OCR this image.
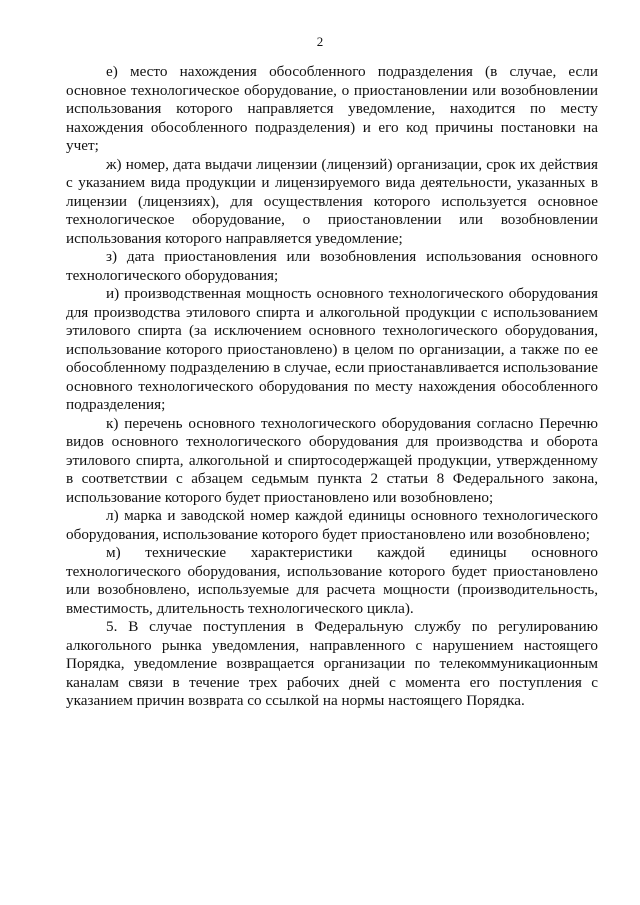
2

е) место нахождения обособленного подразделения (в случае, если основное технологическое оборудование, о приостановлении или возобновлении использования которого направляется уведомление, находится по месту нахождения обособленного подразделения) и его код причины постановки на учет;

ж) номер, дата выдачи лицензии (лицензий) организации, срок их действия с указанием вида продукции и лицензируемого вида деятельности, указанных в лицензии (лицензиях), для осуществления которого используется основное технологическое оборудование, о приостановлении или возобновлении использования которого направляется уведомление;

з) дата приостановления или возобновления использования основного технологического оборудования;

и) производственная мощность основного технологического оборудования для производства этилового спирта и алкогольной продукции с использованием этилового спирта (за исключением основного технологического оборудования, использование которого приостановлено) в целом по организации, а также по ее обособленному подразделению в случае, если приостанавливается использование основного технологического оборудования по месту нахождения обособленного подразделения;

к) перечень основного технологического оборудования согласно Перечню видов основного технологического оборудования для производства и оборота этилового спирта, алкогольной и спиртосодержащей продукции, утвержденному в соответствии с абзацем седьмым пункта 2 статьи 8 Федерального закона, использование которого будет приостановлено или возобновлено;

л) марка и заводской номер каждой единицы основного технологического оборудования, использование которого будет приостановлено или возобновлено;

м) технические характеристики каждой единицы основного технологического оборудования, использование которого будет приостановлено или возобновлено, используемые для расчета мощности (производительность, вместимость, длительность технологического цикла).

5. В случае поступления в Федеральную службу по регулированию алкогольного рынка уведомления, направленного с нарушением настоящего Порядка, уведомление возвращается организации по телекоммуникационным каналам связи в течение трех рабочих дней с момента его поступления с указанием причин возврата со ссылкой на нормы настоящего Порядка.
